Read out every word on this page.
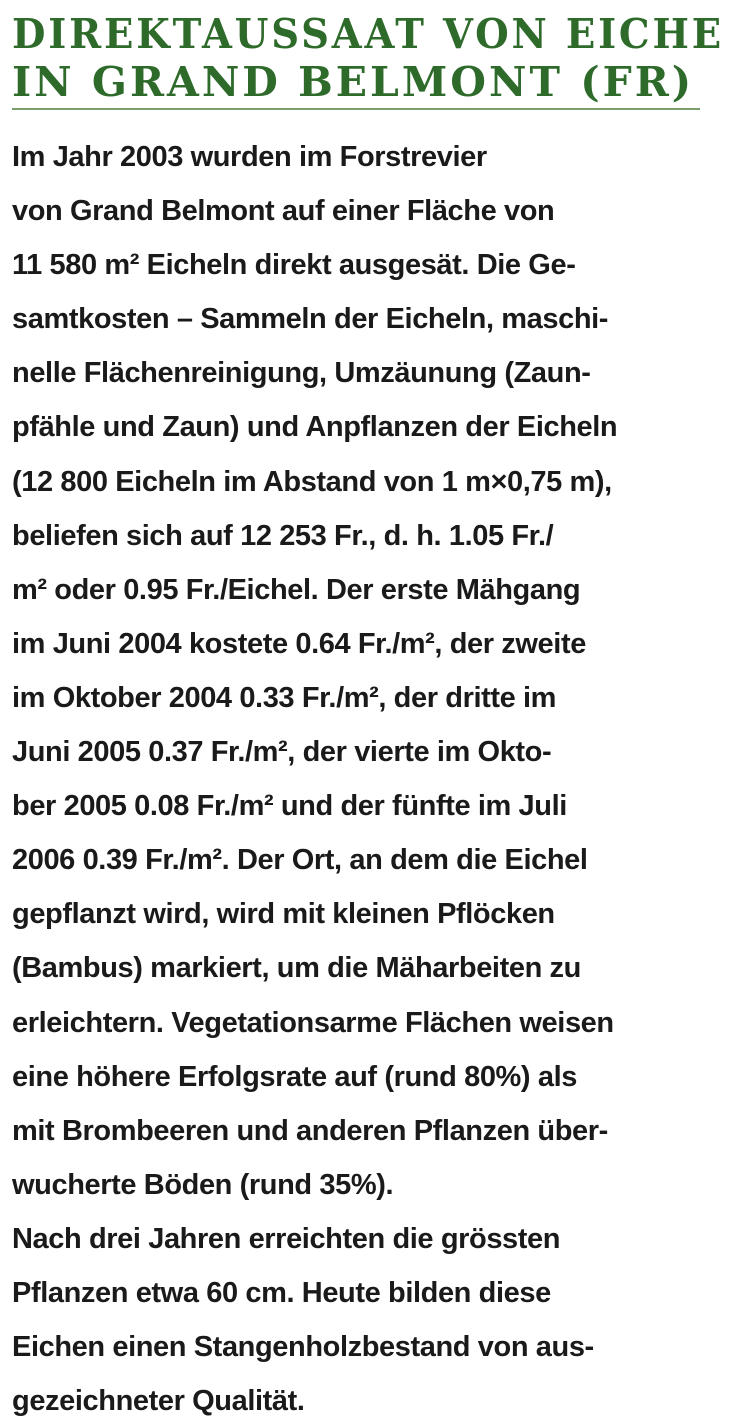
DIREKTAUSSAAT VON EICHE
IN GRAND BELMONT (FR)
Im Jahr 2003 wurden im Forstrevier
von Grand Belmont auf einer Fläche von
11 580 m² Eicheln direkt ausgesät. Die Ge-
samtkosten – Sammeln der Eicheln, maschi-
nelle Flächenreinigung, Umzäunung (Zaun-
pfähle und Zaun) und Anpflanzen der Eicheln
(12 800 Eicheln im Abstand von 1 m×0,75 m),
beliefen sich auf 12 253 Fr., d. h. 1.05 Fr./
m² oder 0.95 Fr./Eichel. Der erste Mähgang
im Juni 2004 kostete 0.64 Fr./m², der zweite
im Oktober 2004 0.33 Fr./m², der dritte im
Juni 2005 0.37 Fr./m², der vierte im Okto-
ber 2005 0.08 Fr./m² und der fünfte im Juli
2006 0.39 Fr./m². Der Ort, an dem die Eichel
gepflanzt wird, wird mit kleinen Pflöcken
(Bambus) markiert, um die Mäharbeiten zu
erleichtern. Vegetationsarme Flächen weisen
eine höhere Erfolgsrate auf (rund 80%) als
mit Brombeeren und anderen Pflanzen über-
wucherte Böden (rund 35%).
Nach drei Jahren erreichten die grössten
Pflanzen etwa 60 cm. Heute bilden diese
Eichen einen Stangenholzbestand von aus-
gezeichneter Qualität.
